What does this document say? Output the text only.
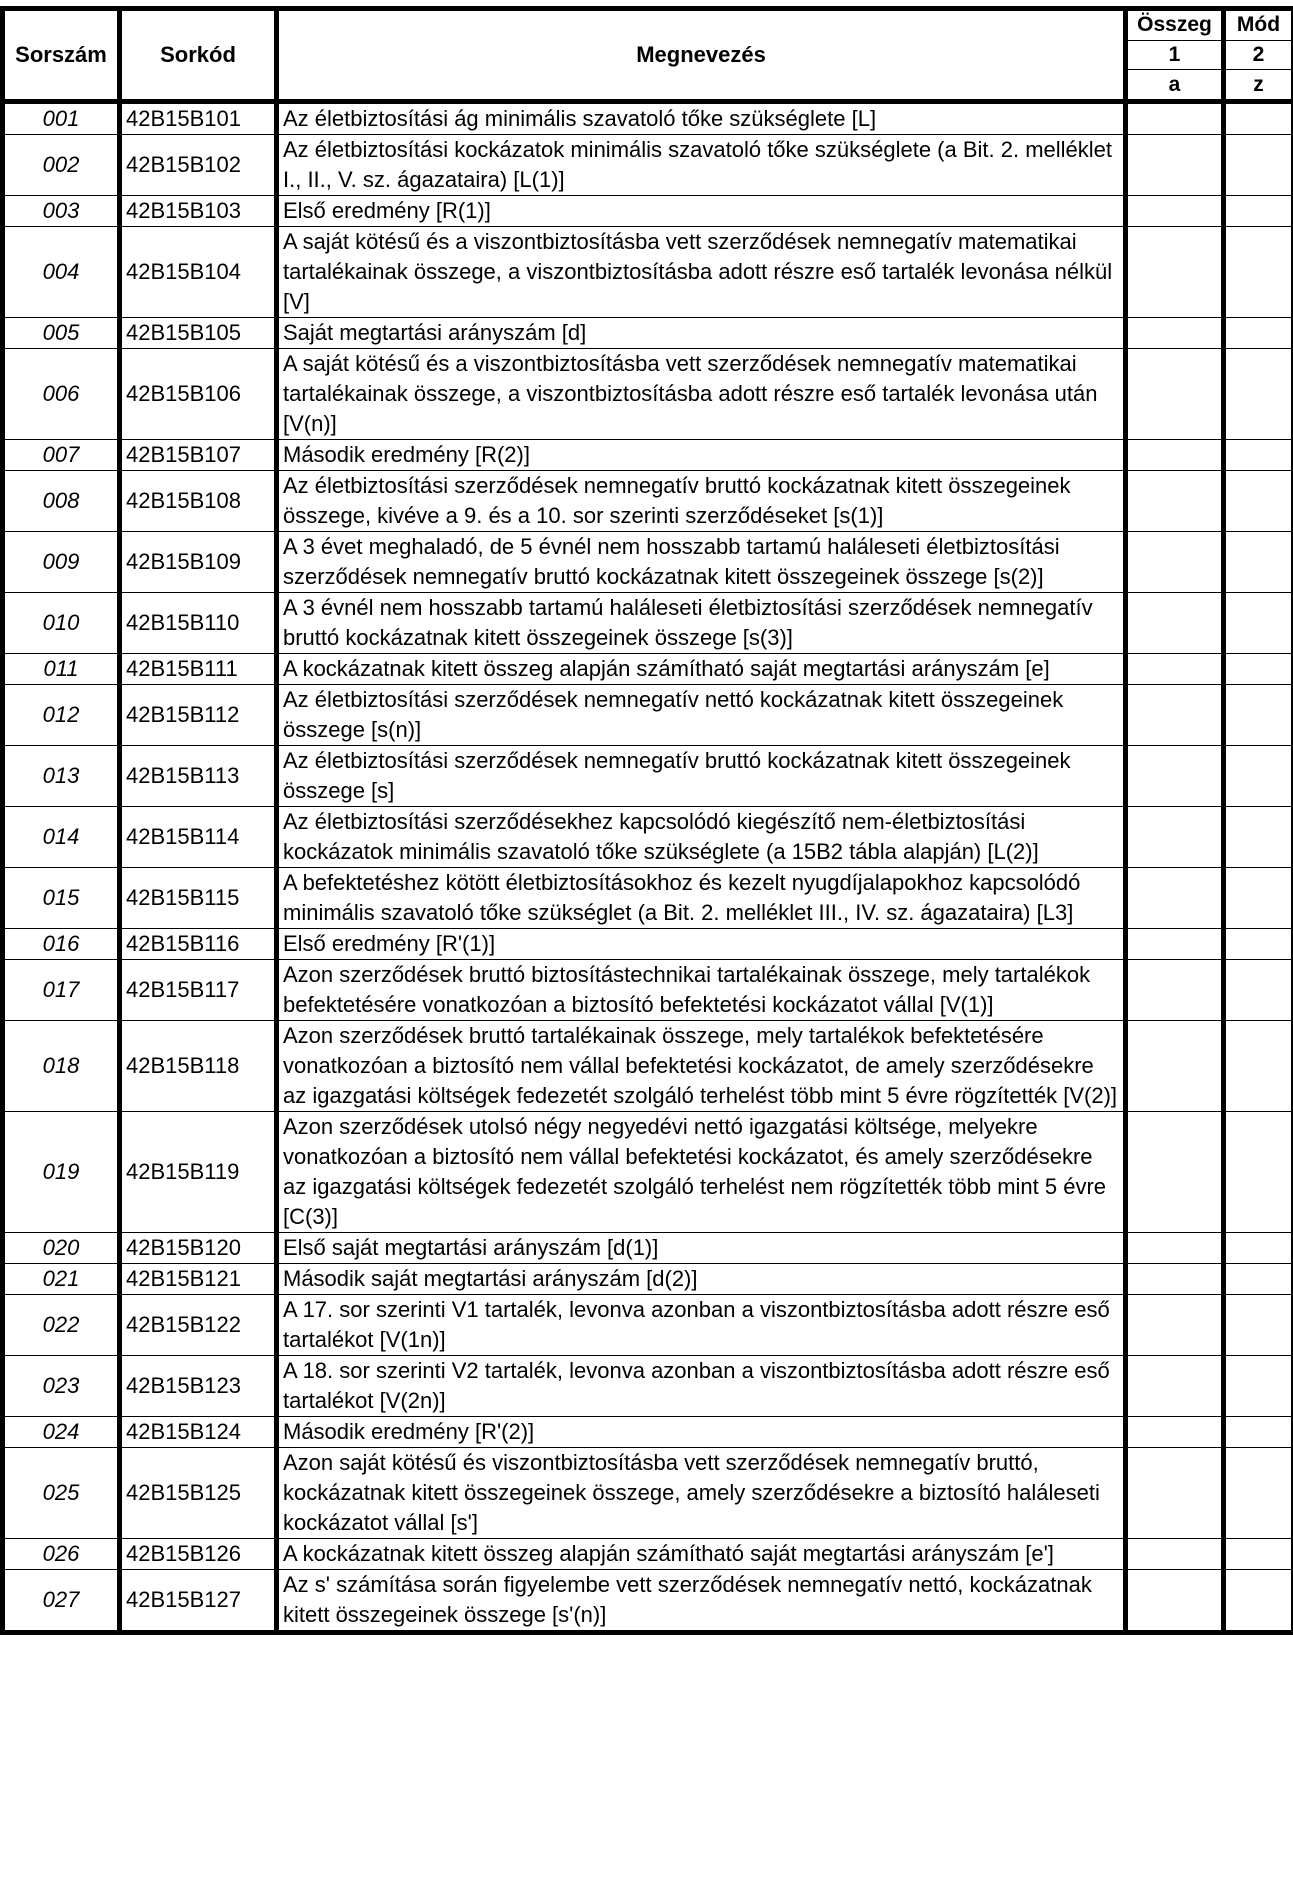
Sorszám	Sorkód	Megnevezés	Összeg	Mód
			1	2
			a	z
001	42B15B101	Az életbiztosítási ág minimális szavatoló tőke szükséglete [L]		
002	42B15B102	Az életbiztosítási kockázatok minimális szavatoló tőke szükséglete (a Bit. 2. melléklet I., II., V. sz. ágazataira) [L(1)]		
003	42B15B103	Első eredmény [R(1)]		
004	42B15B104	A saját kötésű és a viszontbiztosításba vett szerződések nemnegatív matematikai tartalékainak összege, a viszontbiztosításba adott részre eső tartalék levonása nélkül [V]		
005	42B15B105	Saját megtartási arányszám [d]		
006	42B15B106	A saját kötésű és a viszontbiztosításba vett szerződések nemnegatív matematikai tartalékainak összege, a viszontbiztosításba adott részre eső tartalék levonása után [V(n)]		
007	42B15B107	Második eredmény [R(2)]		
008	42B15B108	Az életbiztosítási szerződések nemnegatív bruttó kockázatnak kitett összegeinek összege, kivéve a 9. és a 10. sor szerinti szerződéseket [s(1)]		
009	42B15B109	A 3 évet meghaladó, de 5 évnél nem hosszabb tartamú haláleseti életbiztosítási szerződések nemnegatív bruttó kockázatnak kitett összegeinek összege [s(2)]		
010	42B15B110	A 3 évnél nem hosszabb tartamú haláleseti életbiztosítási szerződések nemnegatív bruttó kockázatnak kitett összegeinek összege [s(3)]		
011	42B15B111	A kockázatnak kitett összeg alapján számítható saját megtartási arányszám [e]		
012	42B15B112	Az életbiztosítási szerződések nemnegatív nettó kockázatnak kitett összegeinek összege [s(n)]		
013	42B15B113	Az életbiztosítási szerződések nemnegatív bruttó kockázatnak kitett összegeinek összege [s]		
014	42B15B114	Az életbiztosítási szerződésekhez kapcsolódó kiegészítő nem-életbiztosítási kockázatok minimális szavatoló tőke szükséglete (a 15B2 tábla alapján) [L(2)]		
015	42B15B115	A befektetéshez kötött életbiztosításokhoz és kezelt nyugdíjalapokhoz kapcsolódó minimális szavatoló tőke szükséglet (a Bit. 2. melléklet III., IV. sz. ágazataira) [L3]		
016	42B15B116	Első eredmény [R'(1)]		
017	42B15B117	Azon szerződések bruttó biztosítástechnikai tartalékainak összege, mely tartalékok befektetésére vonatkozóan a biztosító befektetési kockázatot vállal [V(1)]		
018	42B15B118	Azon szerződések bruttó tartalékainak összege, mely tartalékok befektetésére vonatkozóan a biztosító nem vállal befektetési kockázatot, de amely szerződésekre az igazgatási költségek fedezetét szolgáló terhelést több mint 5 évre rögzítették [V(2)]		
019	42B15B119	Azon szerződések utolsó négy negyedévi nettó igazgatási költsége, melyekre vonatkozóan a biztosító nem vállal befektetési kockázatot, és amely szerződésekre az igazgatási költségek fedezetét szolgáló terhelést nem rögzítették több mint 5 évre [C(3)]		
020	42B15B120	Első saját megtartási arányszám [d(1)]		
021	42B15B121	Második saját megtartási arányszám [d(2)]		
022	42B15B122	A 17. sor szerinti V1 tartalék, levonva azonban a viszontbiztosításba adott részre eső tartalékot [V(1n)]		
023	42B15B123	A 18. sor szerinti V2 tartalék, levonva azonban a viszontbiztosításba adott részre eső tartalékot [V(2n)]		
024	42B15B124	Második eredmény [R'(2)]		
025	42B15B125	Azon saját kötésű és viszontbiztosításba vett szerződések nemnegatív bruttó, kockázatnak kitett összegeinek összege, amely szerződésekre a biztosító haláleseti kockázatot vállal [s']		
026	42B15B126	A kockázatnak kitett összeg alapján számítható saját megtartási arányszám [e']		
027	42B15B127	Az s' számítása során figyelembe vett szerződések nemnegatív nettó, kockázatnak kitett összegeinek összege [s'(n)]		
